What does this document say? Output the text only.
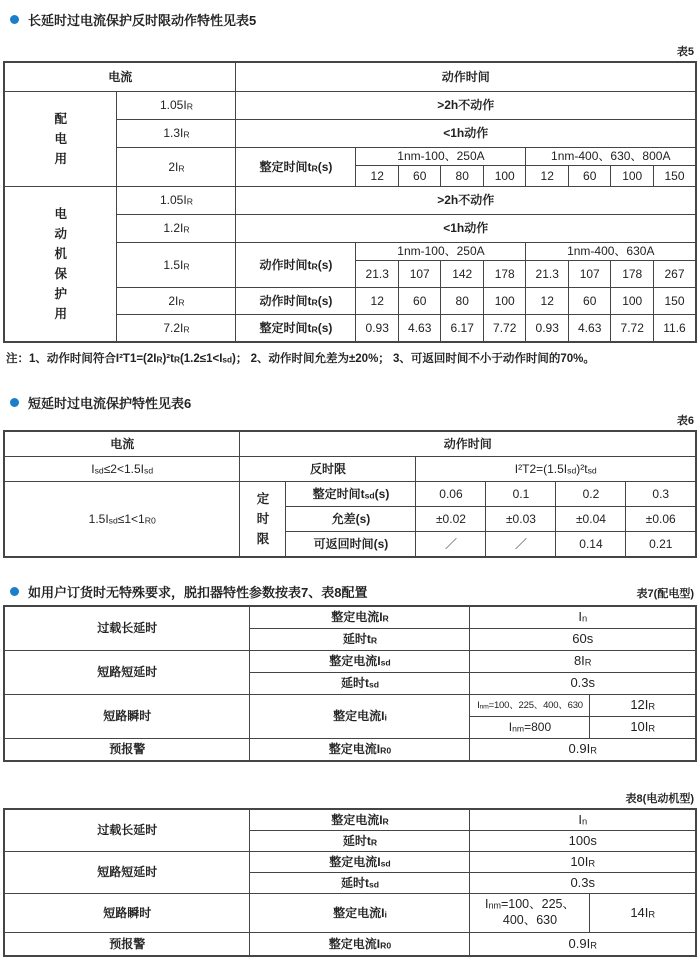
长延时过电流保护反时限动作特性见表5
表5
电流		动作时间								
配电用	$1.05I_R$	>2h不动作								
	$1.3I_R$	<1h动作								
	$2I_R$	整定时间$t_R(s)$	1nm-100、250A				1nm-400、630、800A			
			12	60	80	100	12	60	100	150
电动机保护用	$1.05I_R$	>2h不动作								
	$1.2I_R$	<1h动作								
	$1.5I_R$	动作时间$t_R(s)$	1nm-100、250A				1nm-400、630A			
			21.3	107	142	178	21.3	107	178	267
	$2I_R$	动作时间$t_R(s)$	12	60	80	100	12	60	100	150
	$7.2I_R$	整定时间$t_R(s)$	0.93	4.63	6.17	7.72	0.93	4.63	7.72	11.6
注：1、动作时间符合$I^2T1=(2I_R)^2t_R(1.2\le 1<I_{sd})$； 2、动作时间允差为±20%； 3、可返回时间不小于动作时间的70%。
短延时过电流保护特性见表6
表6
电流	动作时间					
$I_{sd}\le 2<1.5I_{sd}$	反时限		$I^2T2=(1.5I_{sd})^2t_{sd}$
$1.5I_{sd}\le 1<1_{R0}$	定时限	整定时间$t_{sd}(s)$	0.06	0.1	0.2	0.3
		允差(s)	±0.02	±0.03	±0.04	±0.06
		可返回时间(s)	／	／	0.14	0.21
如用户订货时无特殊要求，脱扣器特性参数按表7、表8配置	表7(配电型)
过载长延时	整定电流$I_R$	$I_n$
	延时$t_R$	60s	
短路短延时	整定电流$I_{sd}$	$8I_R$
	延时$t_{sd}$	0.3s	
短路瞬时	整定电流$I_i$	$I_{nm}=100$、225、400、630	$12I_R$
		$I_{nm}=800$	$10I_R$
预报警	整定电流$I_{R0}$	$0.9I_R$
表8(电动机型)
过载长延时	整定电流$I_R$	$I_n$
	延时$t_R$	100s	
短路短延时	整定电流$I_{sd}$	$10I_R$
	延时$t_{sd}$	0.3s	
短路瞬时	整定电流$I_i$	$I_{nm}=100$、225、400、630	$14I_R$
预报警	整定电流$I_{R0}$	$0.9I_R$
